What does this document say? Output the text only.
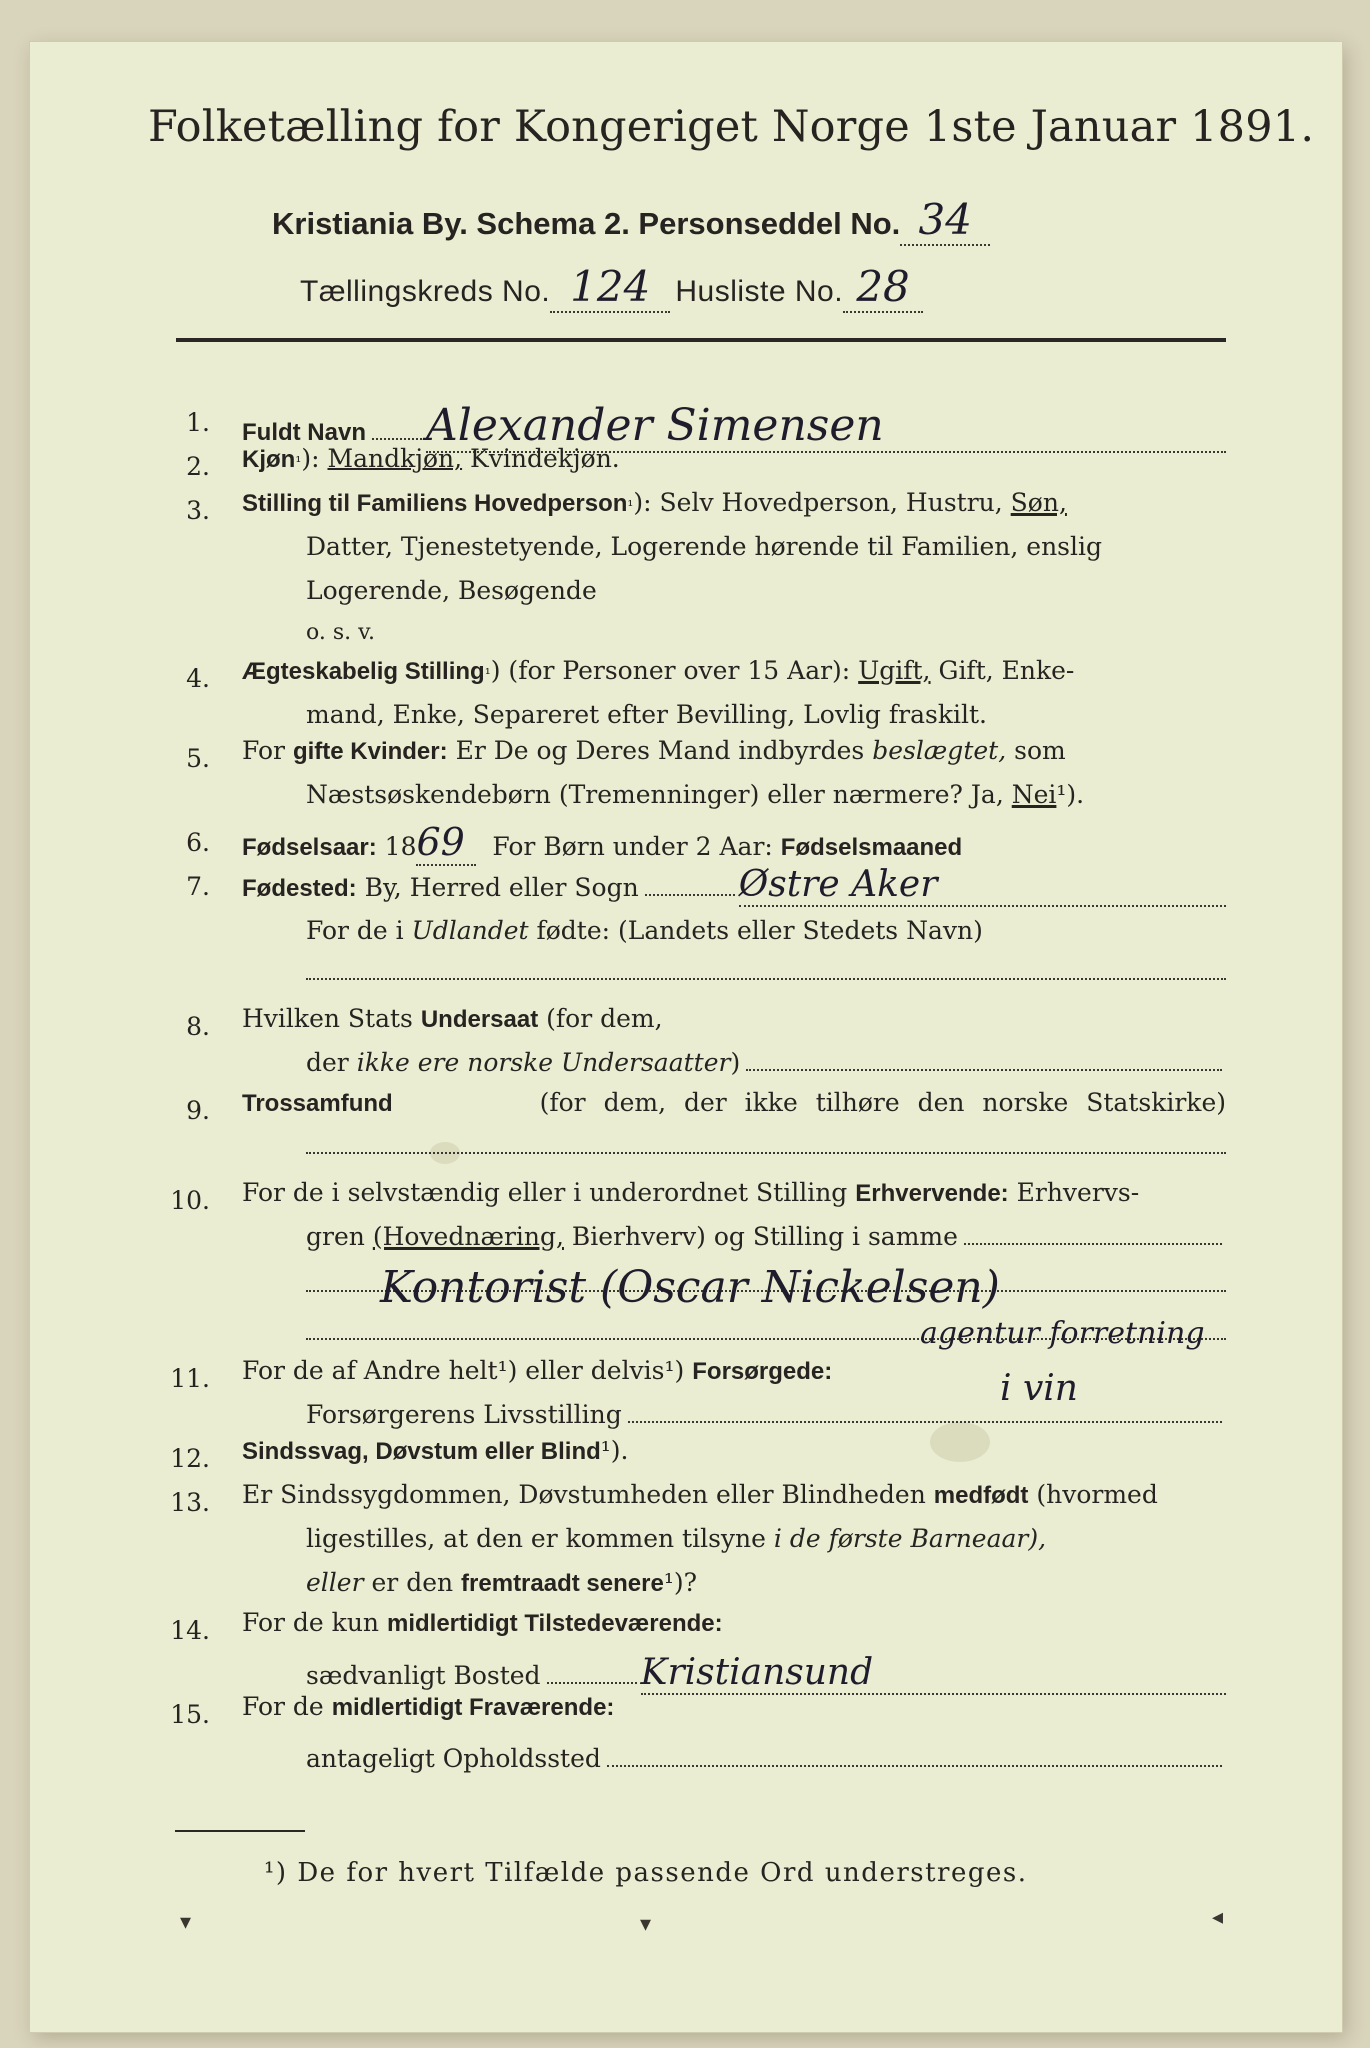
Folketælling for Kongeriget Norge 1ste Januar 1891.
Kristiania By. Schema 2. Personseddel No. 34
Tællingskreds No. 124 Husliste No. 28
1. Fuldt Navn Alexander Simensen
2. Kjøn ¹ ):
Mandkjøn,
Kvindekjøn.
3. Stilling til Familiens Hovedperson ¹ ): Selv Hovedperson, Hustru,
Søn,
Datter, Tjenestetyende, Logerende hørende til Familien, enslig
Logerende, Besøgende
o. s. v.
4. Ægteskabelig Stilling ¹ ) (for Personer over 15 Aar):
Ugift,
Gift, Enke-
mand, Enke, Separeret efter Bevilling, Lovlig fraskilt.
5. For
gifte Kvinder:
Er De og Deres Mand indbyrdes
beslægtet,
som
Næstsøskendebørn (Tremenninger) eller nærmere? Ja,
Nei ¹).
6. Fødselsaar:
18 69
	For Børn under 2 Aar:
Fødselsmaaned
7. Fødested:
By, Herred eller Sogn	Østre Aker
For de i
Udlandet
fødte: (Landets eller Stedets Navn)
8. Hvilken Stats
Undersaat
(for dem,
der
ikke ere norske Undersaatter )
9. Trossamfund	(for dem, der ikke tilhøre den norske Statskirke)
10. For de i selvstændig eller i underordnet Stilling
Erhvervende:
Erhvervs-
gren
(Hovednæring,
Bierhverv) og Stilling i samme
Kontorist (Oscar Nickelsen)
agentur forretning
11. For de af Andre helt¹) eller delvis¹)
Forsørgede:
Forsørgerens Livsstilling
i vin
12. Sindssvag, Døvstum eller Blind ¹).
13. Er Sindssygdommen, Døvstumheden eller Blindheden
medfødt
(hvormed
ligestilles, at den er kommen tilsyne
i de første Barneaar),
eller
er den
fremtraadt senere ¹)?
14. For de kun
midlertidigt Tilstedeværende:
sædvanligt Bosted	Kristiansund
15. For de
midlertidigt Fraværende:
antageligt Opholdssted
¹) De for hvert Tilfælde passende Ord understreges.
▾	▾	◂
